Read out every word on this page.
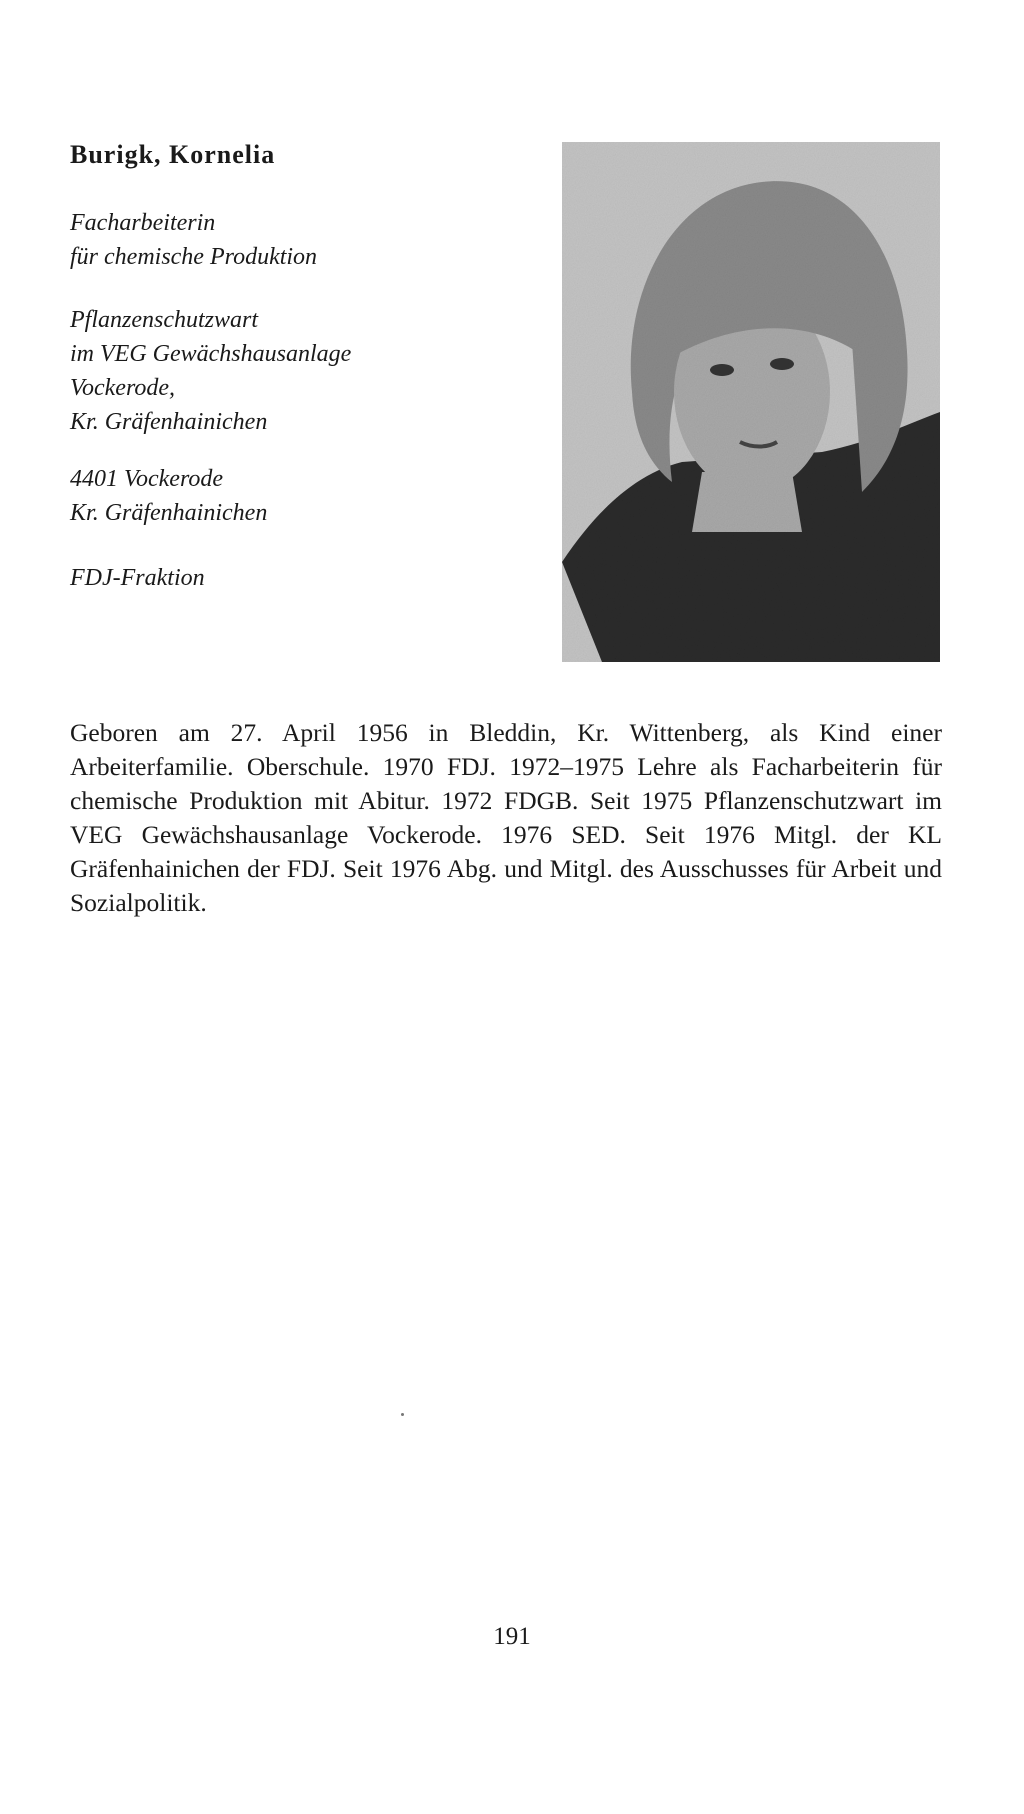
Burigk, Kornelia

Facharbeiterin
für chemische Produktion

Pflanzenschutzwart
im VEG Gewächshausanlage
Vockerode,
Kr. Gräfenhainichen

4401 Vockerode
Kr. Gräfenhainichen

FDJ-Fraktion

Geboren am 27. April 1956 in Bleddin, Kr. Wittenberg, als Kind einer Arbeiterfamilie. Oberschule. 1970 FDJ. 1972–1975 Lehre als Facharbeiterin für chemische Produktion mit Abitur. 1972 FDGB. Seit 1975 Pflanzenschutzwart im VEG Gewächshausanlage Vockerode. 1976 SED. Seit 1976 Mitgl. der KL Gräfenhainichen der FDJ. Seit 1976 Abg. und Mitgl. des Ausschusses für Arbeit und Sozialpolitik.

191
